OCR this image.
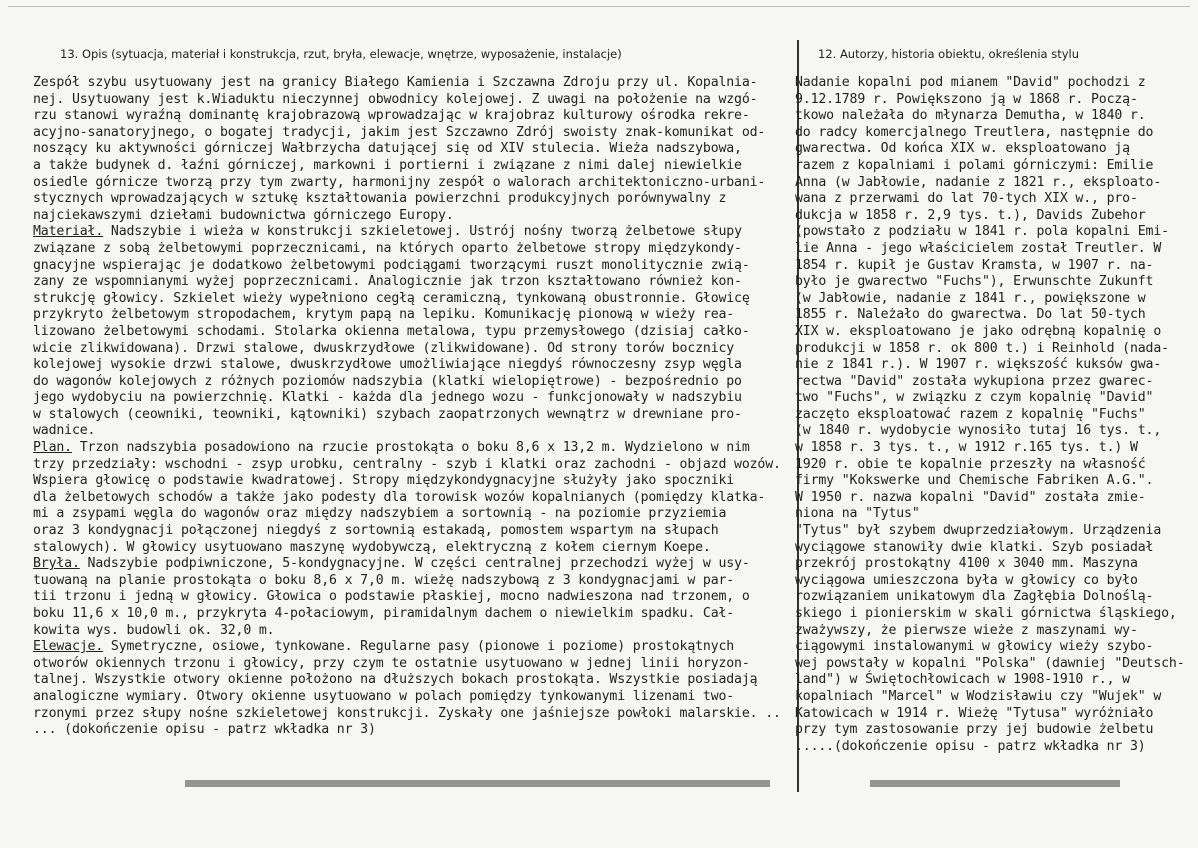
13. Opis (sytuacja, materiał i konstrukcja, rzut, bryła, elewacje, wnętrze, wyposażenie, instalacje)	12. Autorzy, historia obiektu, określenia stylu
Zespół szybu usytuowany jest na granicy Białego Kamienia i Szczawna Zdroju przy ul. Kopalnia-
nej. Usytuowany jest k.Wiaduktu nieczynnej obwodnicy kolejowej. Z uwagi na położenie na wzgó-
rzu stanowi wyraźną dominantę krajobrazową wprowadzając w krajobraz kulturowy ośrodka rekre-
acyjno-sanatoryjnego, o bogatej tradycji, jakim jest Szczawno Zdrój swoisty znak-komunikat od-
noszący ku aktywności górniczej Wałbrzycha datującej się od XIV stulecia. Wieża nadszybowa,
a także budynek d. łaźni górniczej, markowni i portierni i związane z nimi dalej niewielkie
osiedle górnicze tworzą przy tym zwarty, harmonijny zespół o walorach architektoniczno-urbani-
stycznych wprowadzających w sztukę kształtowania powierzchni produkcyjnych porównywalny z
najciekawszymi dziełami budownictwa górniczego Europy.
Materiał. Nadszybie i wieża w konstrukcji szkieletowej. Ustrój nośny tworzą żelbetowe słupy
związane z sobą żelbetowymi poprzecznicami, na których oparto żelbetowe stropy międzykondy-
gnacyjne wspierając je dodatkowo żelbetowymi podciągami tworzącymi ruszt monolitycznie zwią-
zany ze wspomnianymi wyżej poprzecznicami. Analogicznie jak trzon kształtowano również kon-
strukcję głowicy. Szkielet wieży wypełniono cegłą ceramiczną, tynkowaną obustronnie. Głowicę
przykryto żelbetowym stropodachem, krytym papą na lepiku. Komunikację pionową w wieży rea-
lizowano żelbetowymi schodami. Stolarka okienna metalowa, typu przemysłowego (dzisiaj całko-
wicie zlikwidowana). Drzwi stalowe, dwuskrzydłowe (zlikwidowane). Od strony torów bocznicy
kolejowej wysokie drzwi stalowe, dwuskrzydłowe umożliwiające niegdyś równoczesny zsyp węgla
do wagonów kolejowych z różnych poziomów nadszybia (klatki wielopiętrowe) - bezpośrednio po
jego wydobyciu na powierzchnię. Klatki - każda dla jednego wozu - funkcjonowały w nadszybiu
w stalowych (ceowniki, teowniki, kątowniki) szybach zaopatrzonych wewnątrz w drewniane pro-
wadnice.
Plan. Trzon nadszybia posadowiono na rzucie prostokąta o boku 8,6 x 13,2 m. Wydzielono w nim
trzy przedziały: wschodni - zsyp urobku, centralny - szyb i klatki oraz zachodni - objazd wozów.
Wspiera głowicę o podstawie kwadratowej. Stropy międzykondygnacyjne służyły jako spoczniki
dla żelbetowych schodów a także jako podesty dla torowisk wozów kopalnianych (pomiędzy klatka-
mi a zsypami węgla do wagonów oraz między nadszybiem a sortownią - na poziomie przyziemia
oraz 3 kondygnacji połączonej niegdyś z sortownią estakadą, pomostem wspartym na słupach
stalowych). W głowicy usytuowano maszynę wydobywczą, elektryczną z kołem ciernym Koepe.
Bryła. Nadszybie podpiwniczone, 5-kondygnacyjne. W części centralnej przechodzi wyżej w usy-
tuowaną na planie prostokąta o boku 8,6 x 7,0 m. wieżę nadszybową z 3 kondygnacjami w par-
tii trzonu i jedną w głowicy. Głowica o podstawie płaskiej, mocno nadwieszona nad trzonem, o
boku 11,6 x 10,0 m., przykryta 4-połaciowym, piramidalnym dachem o niewielkim spadku. Cał-
kowita wys. budowli ok. 32,0 m.
Elewacje. Symetryczne, osiowe, tynkowane. Regularne pasy (pionowe i poziome) prostokątnych
otworów okiennych trzonu i głowicy, przy czym te ostatnie usytuowano w jednej linii horyzon-
talnej. Wszystkie otwory okienne położono na dłuższych bokach prostokąta. Wszystkie posiadają
analogiczne wymiary. Otwory okienne usytuowano w polach pomiędzy tynkowanymi lizenami two-
rzonymi przez słupy nośne szkieletowej konstrukcji. Zyskały one jaśniejsze powłoki malarskie. ..
... (dokończenie opisu - patrz wkładka nr 3)
Nadanie kopalni pod mianem "David" pochodzi z
9.12.1789 r. Powiększono ją w 1868 r. Począ-
tkowo należała do młynarza Demutha, w 1840 r.
do radcy komercjalnego Treutlera, następnie do
gwarectwa. Od końca XIX w. eksploatowano ją
razem z kopalniami i polami górniczymi: Emilie
Anna (w Jabłowie, nadanie z 1821 r., eksploato-
wana z przerwami do lat 70-tych XIX w., pro-
dukcja w 1858 r. 2,9 tys. t.), Davids Zubehor
(powstało z podziału w 1841 r. pola kopalni Emi-
lie Anna - jego właścicielem został Treutler. W
1854 r. kupił je Gustav Kramsta, w 1907 r. na-
było je gwarectwo "Fuchs"), Erwunschte Zukunft
(w Jabłowie, nadanie z 1841 r., powiększone w
1855 r. Należało do gwarectwa. Do lat 50-tych
XIX w. eksploatowano je jako odrębną kopalnię o
produkcji w 1858 r. ok 800 t.) i Reinhold (nada-
nie z 1841 r.). W 1907 r. większość kuksów gwa-
rectwa "David" została wykupiona przez gwarec-
two "Fuchs", w związku z czym kopalnię "David"
zaczęto eksploatować razem z kopalnię "Fuchs"
(w 1840 r. wydobycie wynosiło tutaj 16 tys. t.,
w 1858 r. 3 tys. t., w 1912 r.165 tys. t.) W
1920 r. obie te kopalnie przeszły na własność
firmy "Kokswerke und Chemische Fabriken A.G.".
W 1950 r. nazwa kopalni "David" została zmie-
niona na "Tytus"
"Tytus" był szybem dwuprzedziałowym. Urządzenia
wyciągowe stanowiły dwie klatki. Szyb posiadał
przekrój prostokątny 4100 x 3040 mm. Maszyna
wyciągowa umieszczona była w głowicy co było
rozwiązaniem unikatowym dla Zagłębia Dolnoślą-
skiego i pionierskim w skali górnictwa śląskiego,
zważywszy, że pierwsze wieże z maszynami wy-
ciągowymi instalowanymi w głowicy wieży szybo-
wej powstały w kopalni "Polska" (dawniej "Deutsch-
land") w Świętochłowicach w 1908-1910 r., w
kopalniach "Marcel" w Wodzisławiu czy "Wujek" w
Katowicach w 1914 r. Wieżę "Tytusa" wyróżniało
przy tym zastosowanie przy jej budowie żelbetu
.....(dokończenie opisu - patrz wkładka nr 3)
